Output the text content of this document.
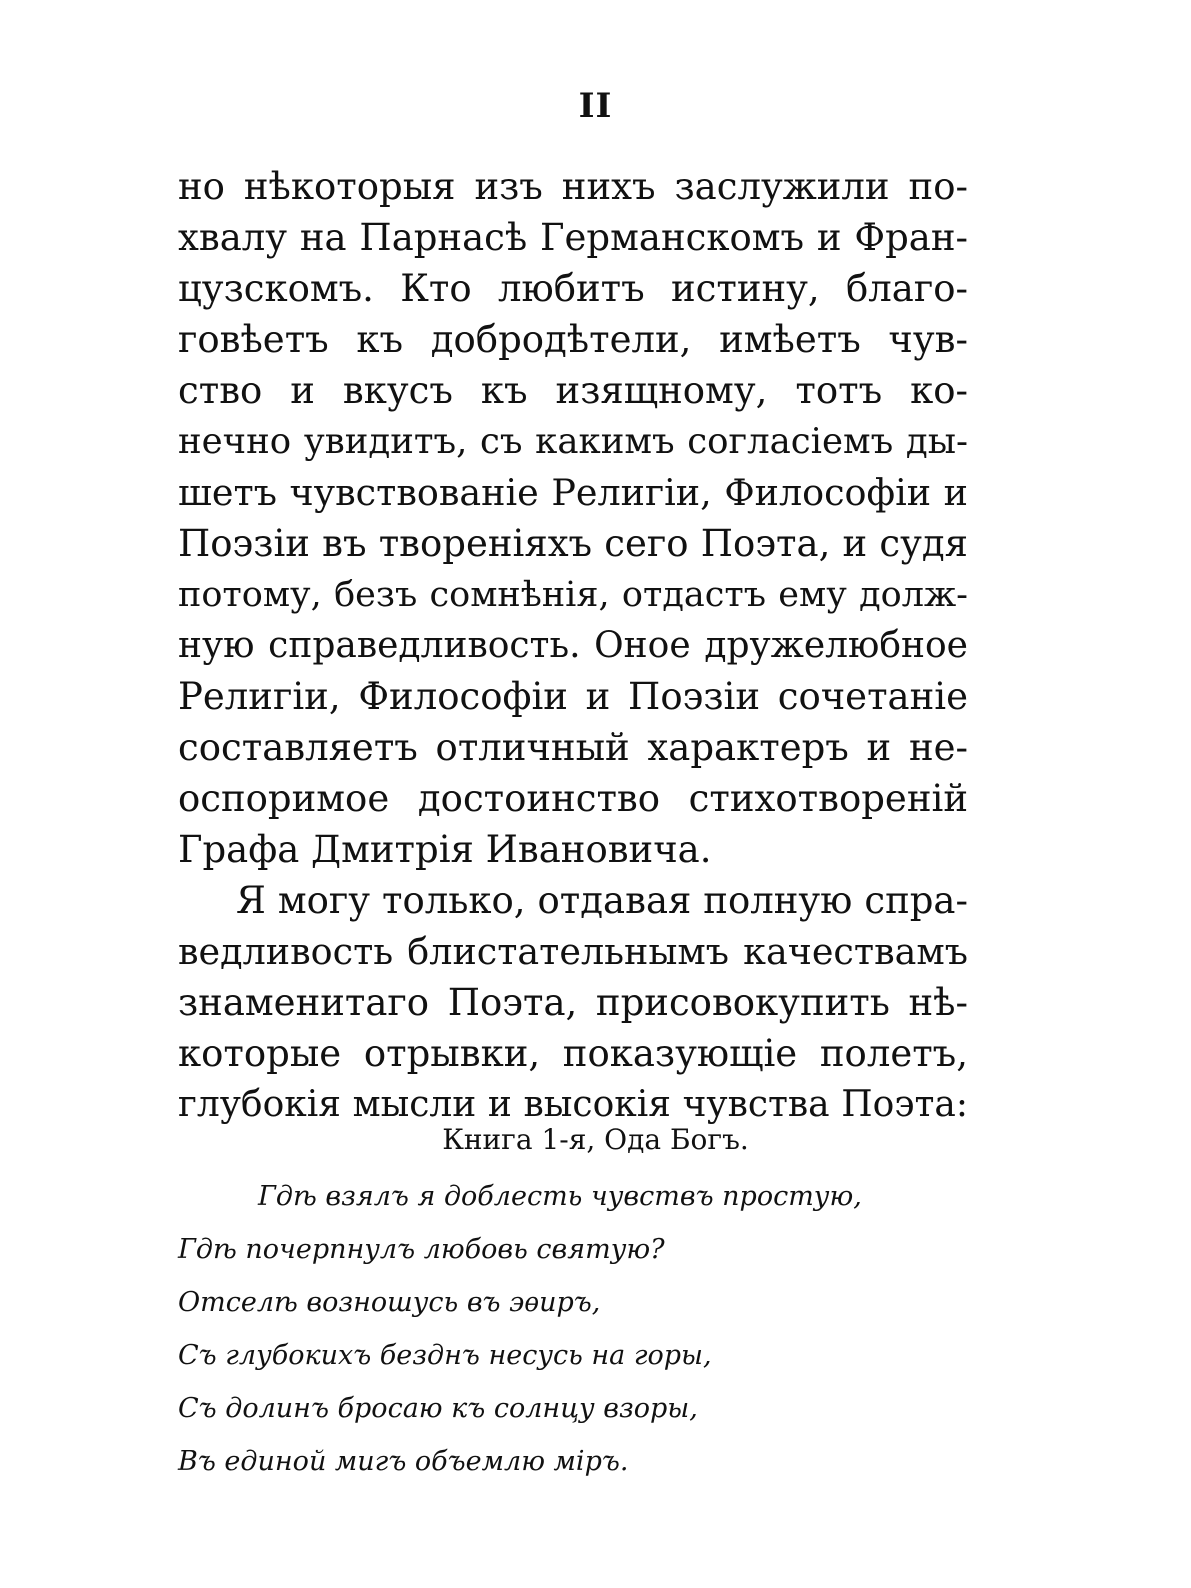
II
но нѣкоторыя изъ нихъ заслужили по-
хвалу на Парнасѣ Германскомъ и Фран-
цузскомъ. Кто любитъ истину, благо-
говѣетъ къ добродѣтели, имѣетъ чув-
ство и вкусъ къ изящному, тотъ ко-
нечно увидитъ, съ какимъ согласіемъ ды-
шетъ чувствованіе Религіи, Философіи и
Поэзіи въ твореніяхъ сего Поэта, и судя
потому, безъ сомнѣнія, отдастъ ему долж-
ную справедливость. Оное дружелюбное
Религіи, Философіи и Поэзіи сочетаніе
составляетъ отличный характеръ и не-
оспоримое достоинство стихотвореній
Графа Дмитрія Ивановича.
Я могу только, отдавая полную спра-
ведливость блистательнымъ качествамъ
знаменитаго Поэта, присовокупить нѣ-
которые отрывки, показующіе полетъ,
глубокія мысли и высокія чувства Поэта:
Книга 1-я, Ода Богъ.
Гдѣ взялъ я доблесть чувствъ простую,
Гдѣ почерпнулъ любовь святую?
Отселѣ возношусь въ эѳиръ,
Съ глубокихъ безднъ несусь на горы,
Съ долинъ бросаю къ солнцу взоры,
Въ единой мигъ объемлю міръ.
